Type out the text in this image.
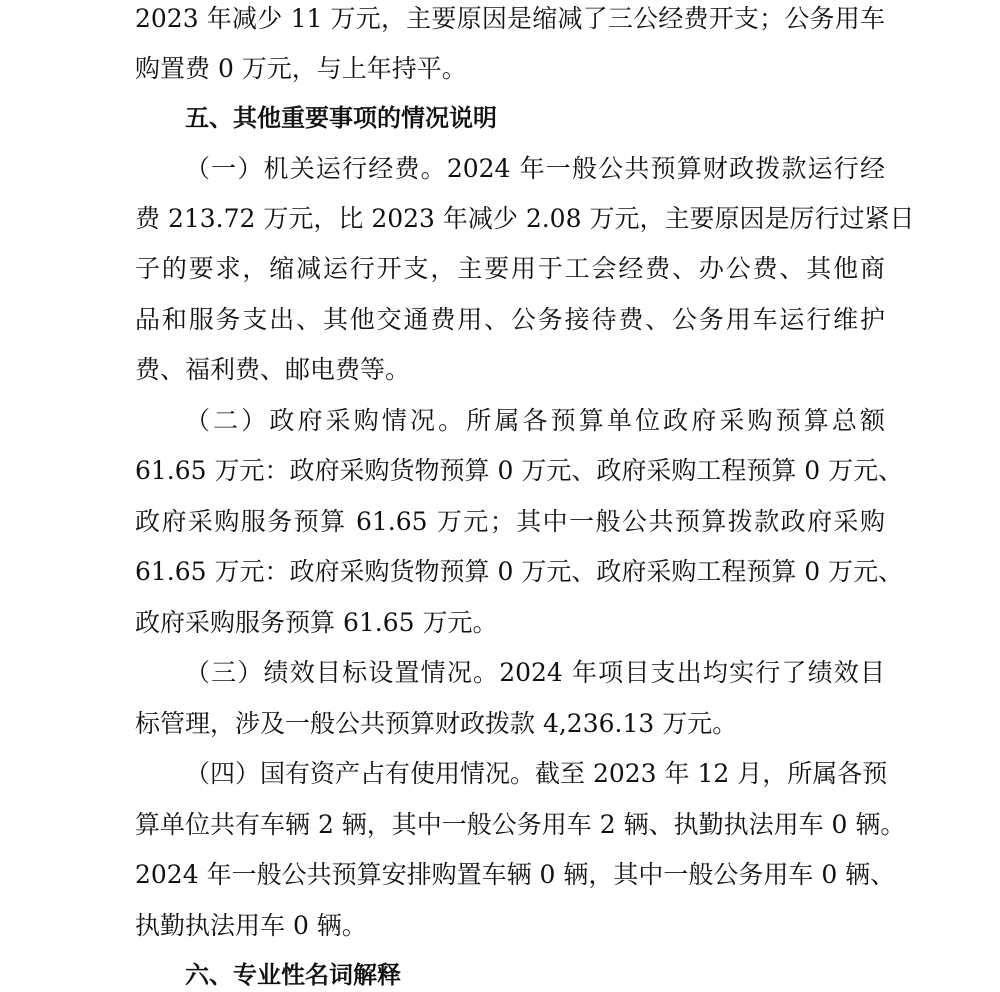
2023 年减少 11 万元，主要原因是缩减了三公经费开支；公务用车
购置费 0 万元，与上年持平。
五、其他重要事项的情况说明
（一）机关运行经费。2024 年一般公共预算财政拨款运行经
费 213.72 万元，比 2023 年减少 2.08 万元，主要原因是厉行过紧日
子的要求，缩减运行开支，主要用于工会经费、办公费、其他商
品和服务支出、其他交通费用、公务接待费、公务用车运行维护
费、福利费、邮电费等。
（二）政府采购情况。所属各预算单位政府采购预算总额
61.65 万元：政府采购货物预算 0 万元、政府采购工程预算 0 万元、
政府采购服务预算 61.65 万元；其中一般公共预算拨款政府采购
61.65 万元：政府采购货物预算 0 万元、政府采购工程预算 0 万元、
政府采购服务预算 61.65 万元。
（三）绩效目标设置情况。2024 年项目支出均实行了绩效目
标管理，涉及一般公共预算财政拨款 4,236.13 万元。
（四）国有资产占有使用情况。截至 2023 年 12 月，所属各预
算单位共有车辆 2 辆，其中一般公务用车 2 辆、执勤执法用车 0 辆。
2024 年一般公共预算安排购置车辆 0 辆，其中一般公务用车 0 辆、
执勤执法用车 0 辆。
六、专业性名词解释
